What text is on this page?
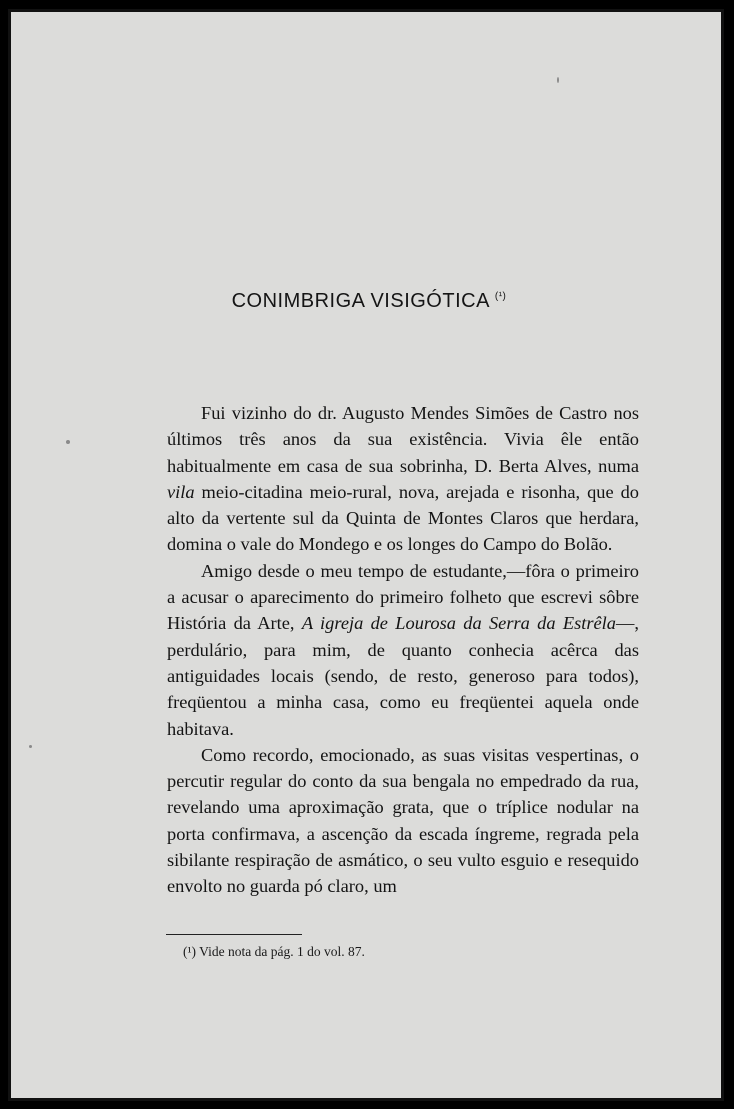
CONIMBRIGA VISIGÓTICA $^{(^1)}$

Fui vizinho do dr. Augusto Mendes Simões de Castro nos últimos três anos da sua existência. Vivia êle então habitualmente em casa de sua sobrinha, D. Berta Alves, numa vila meio-citadina meio-rural, nova, arejada e risonha, que do alto da vertente sul da Quinta de Montes Claros que herdara, domina o vale do Mondego e os longes do Campo do Bolão.

Amigo desde o meu tempo de estudante,—fôra o primeiro a acusar o aparecimento do primeiro folheto que escrevi sôbre História da Arte, A igreja de Lourosa da Serra da Estrêla—, perdulário, para mim, de quanto conhecia acêrca das antiguidades locais (sendo, de resto, generoso para todos), freqüentou a minha casa, como eu freqüentei aquela onde habitava.

Como recordo, emocionado, as suas visitas vespertinas, o percutir regular do conto da sua bengala no empedrado da rua, revelando uma aproximação grata, que o tríplice nodular na porta confirmava, a ascenção da escada íngreme, regrada pela sibilante respiração de asmático, o seu vulto esguio e resequido envolto no guarda pó claro, um

(¹) Vide nota da pág. 1 do vol. 87.
